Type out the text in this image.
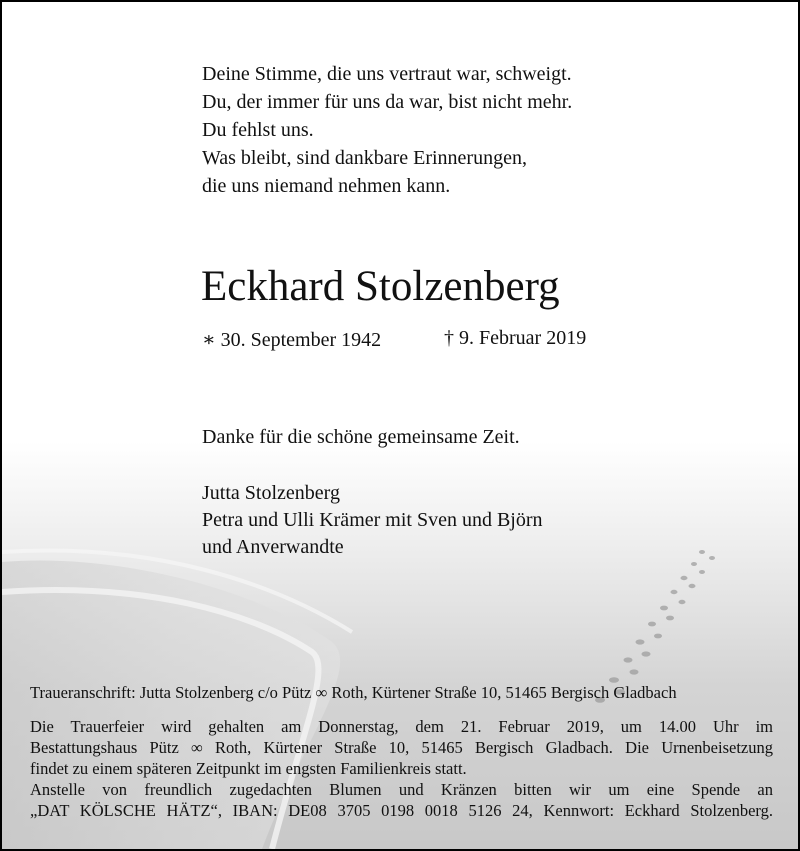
Deine Stimme, die uns vertraut war, schweigt.
Du, der immer für uns da war, bist nicht mehr.
Du fehlst uns.
Was bleibt, sind dankbare Erinnerungen,
die uns niemand nehmen kann.
Eckhard Stolzenberg
∗ 30. September 1942	† 9. Februar 2019
Danke für die schöne gemeinsame Zeit.
Jutta Stolzenberg
Petra und Ulli Krämer mit Sven und Björn
und Anverwandte
Traueranschrift: Jutta Stolzenberg c/o Pütz ∞ Roth, Kürtener Straße 10, 51465 Bergisch Gladbach
Die Trauerfeier wird gehalten am Donnerstag, dem 21. Februar 2019, um 14.00 Uhr im
Bestattungshaus Pütz ∞ Roth, Kürtener Straße 10, 51465 Bergisch Gladbach. Die Urnenbeisetzung
findet zu einem späteren Zeitpunkt im engsten Familienkreis statt.
Anstelle von freundlich zugedachten Blumen und Kränzen bitten wir um eine Spende an
„DAT KÖLSCHE HÄTZ“, IBAN: DE08 3705 0198 0018 5126 24, Kennwort: Eckhard Stolzenberg.
